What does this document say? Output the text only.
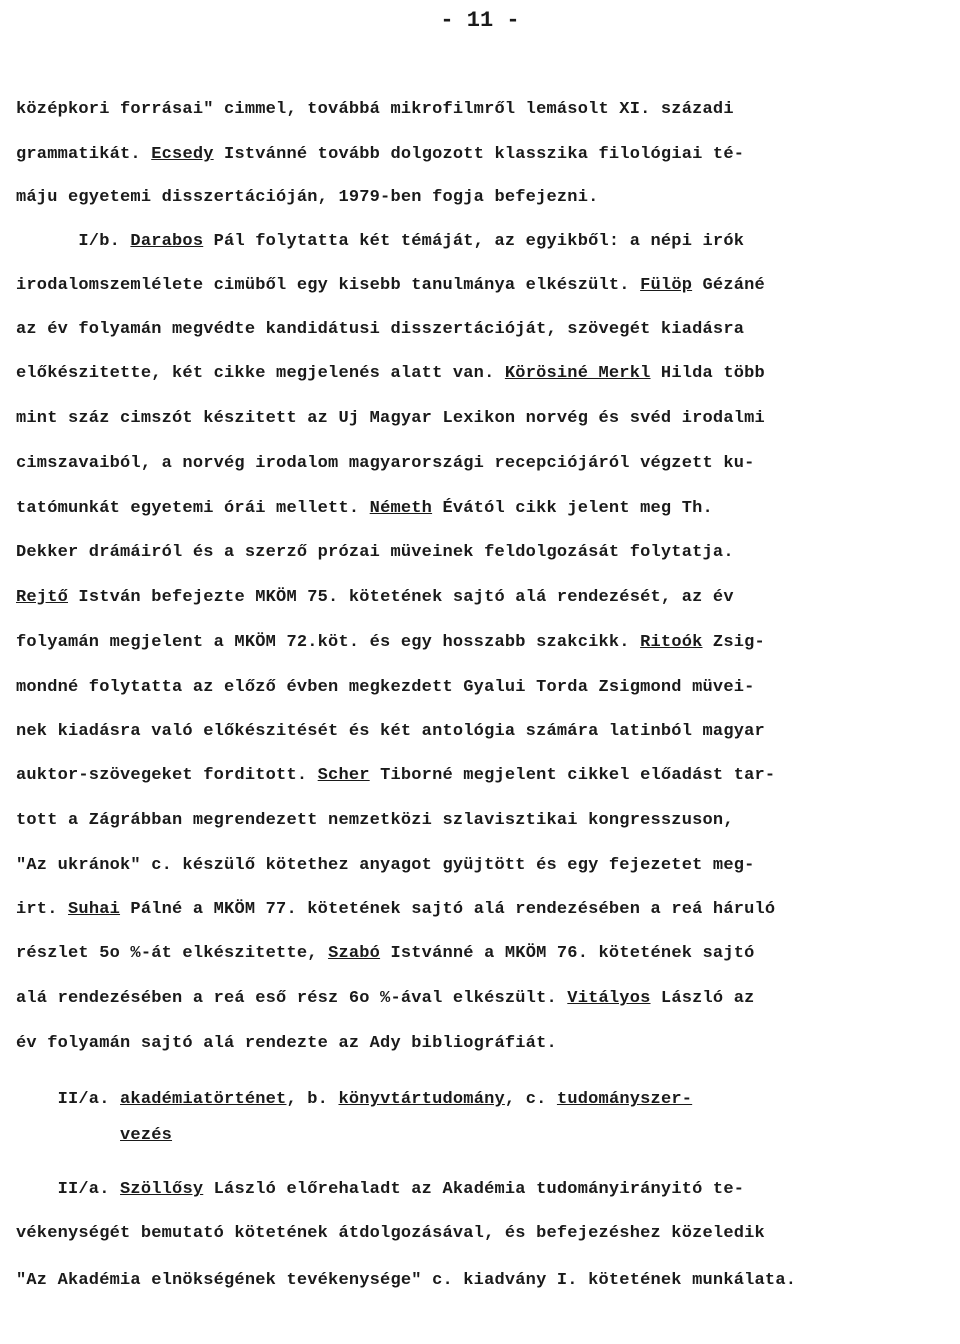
- 11 -
középkori forrásai" cimmel, továbbá mikrofilmről lemásolt XI. századi
grammatikát. Ecsedy Istvánné tovább dolgozott klasszika filológiai té-
máju egyetemi disszertációján, 1979-ben fogja befejezni.
I/b. Darabos Pál folytatta két témáját, az egyikből: a népi irók
irodalomszemlélete cimüből egy kisebb tanulmánya elkészült. Fülöp Gézáné
az év folyamán megvédte kandidátusi disszertációját, szövegét kiadásra
előkészitette, két cikke megjelenés alatt van. Körösiné Merkl Hilda több
mint száz cimszót készitett az Uj Magyar Lexikon norvég és svéd irodalmi
cimszavaiból, a norvég irodalom magyarországi recepciójáról végzett ku-
tatómunkát egyetemi órái mellett. Németh Évától cikk jelent meg Th.
Dekker drámáiról és a szerző prózai müveinek feldolgozását folytatja.
Rejtő István befejezte MKÖM 75. kötetének sajtó alá rendezését, az év
folyamán megjelent a MKÖM 72.köt. és egy hosszabb szakcikk. Ritoók Zsig-
mondné folytatta az előző évben megkezdett Gyalui Torda Zsigmond müvei-
nek kiadásra való előkészitését és két antológia számára latinból magyar
auktor-szövegeket forditott. Scher Tiborné megjelent cikkel előadást tar-
tott a Zágrábban megrendezett nemzetközi szlavisztikai kongresszuson,
"Az ukránok" c. készülő kötethez anyagot gyüjtött és egy fejezetet meg-
irt. Suhai Pálné a MKÖM 77. kötetének sajtó alá rendezésében a reá háruló
részlet 5o %-át elkészitette, Szabó Istvánné a MKÖM 76. kötetének sajtó
alá rendezésében a reá eső rész 6o %-ával elkészült. Vitályos László az
év folyamán sajtó alá rendezte az Ady bibliográfiát.
II/a. akadémiatörténet, b. könyvtártudomány, c. tudományszer-
vezés
II/a. Szöllősy László előrehaladt az Akadémia tudományirányitó te-
vékenységét bemutató kötetének átdolgozásával, és befejezéshez közeledik
"Az Akadémia elnökségének tevékenysége" c. kiadvány I. kötetének munkálata.
